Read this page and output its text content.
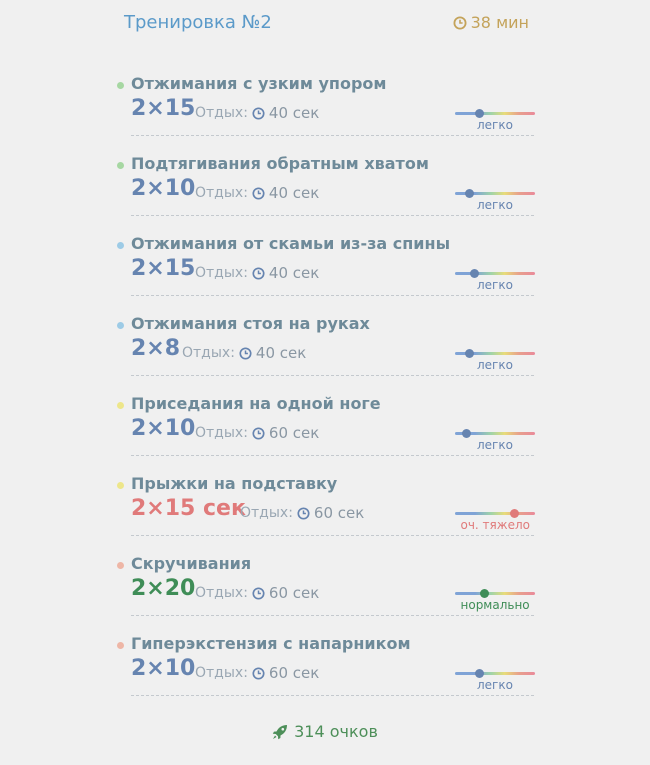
Тренировка №2	38 мин
Отжимания с узким упором
2×15 Отдых: 40 сек
легко
Подтягивания обратным хватом
2×10 Отдых: 40 сек
легко
Отжимания от скамьи из-за спины
2×15 Отдых: 40 сек
легко
Отжимания стоя на руках
2×8 Отдых: 40 сек
легко
Приседания на одной ноге
2×10 Отдых: 60 сек
легко
Прыжки на подставку
2×15 сек
Отдых: 60 сек
оч. тяжело
Скручивания
2×20 Отдых: 60 сек
нормально
Гиперэкстензия с напарником
2×10 Отдых: 60 сек
легко
314 очков
